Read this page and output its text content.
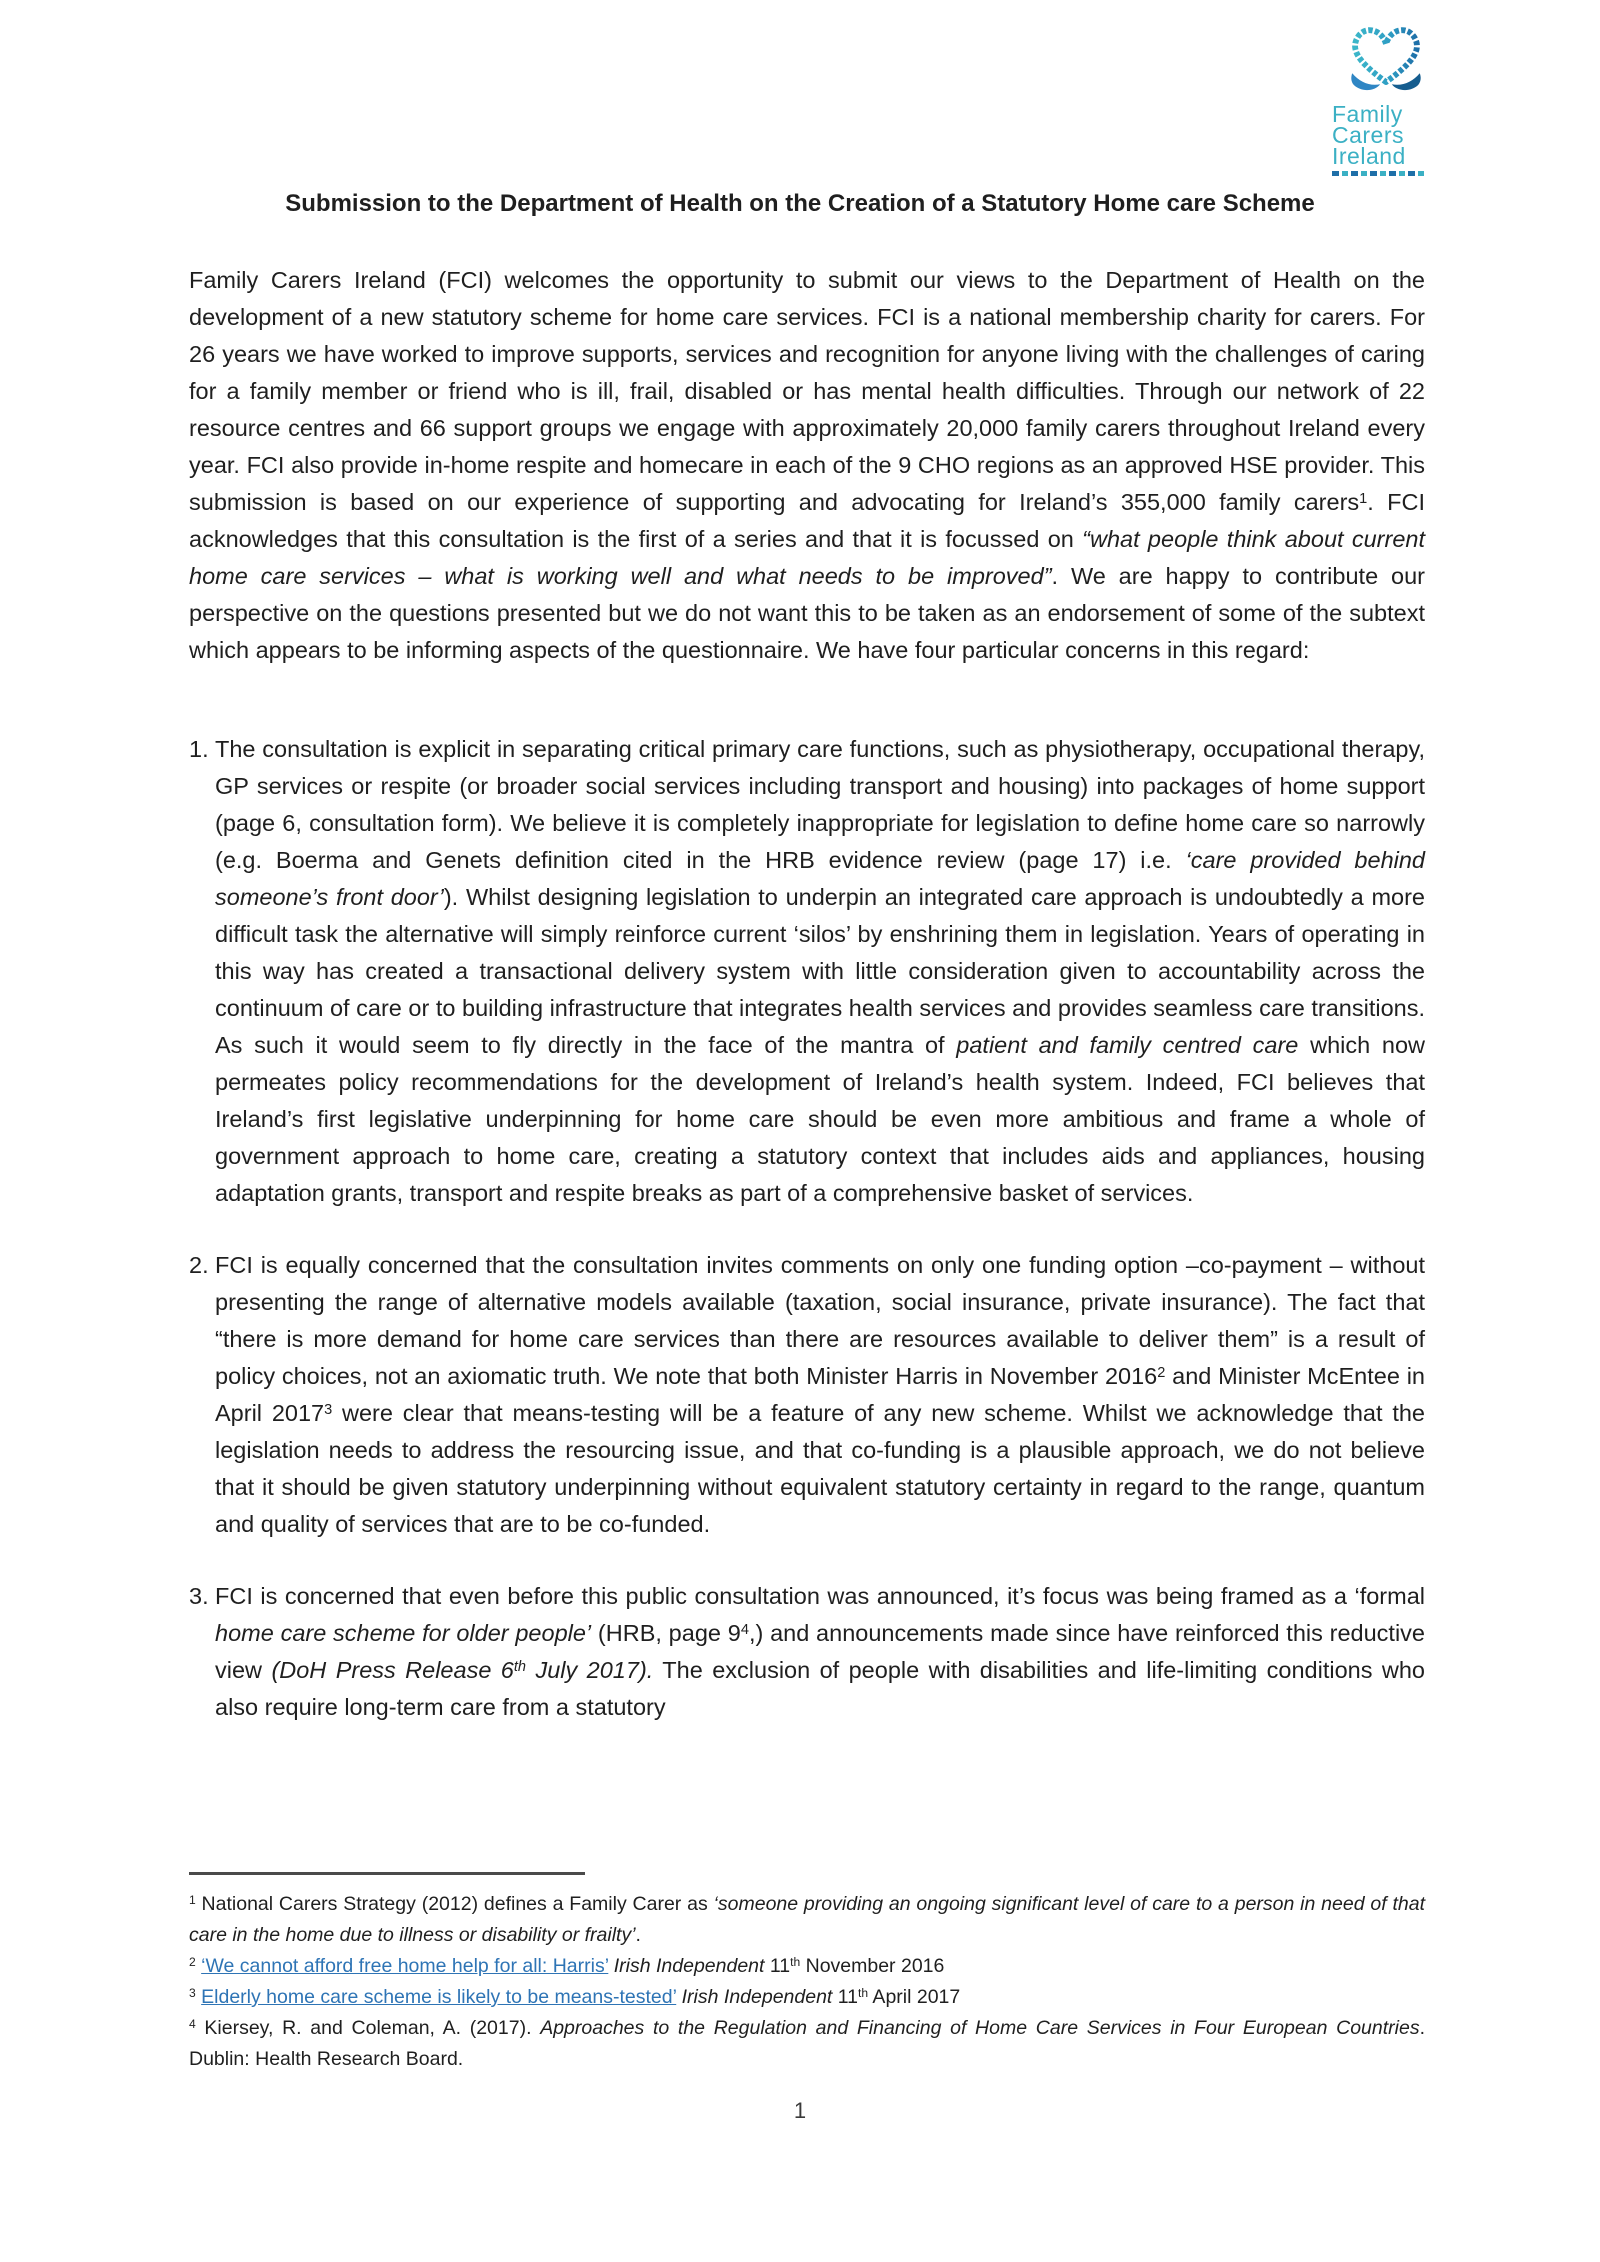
Family
Carers
Ireland
Submission to the Department of Health on the Creation of a Statutory Home care Scheme

Family Carers Ireland (FCI) welcomes the opportunity to submit our views to the Department of Health on the development of a new statutory scheme for home care services. FCI is a national membership charity for carers. For 26 years we have worked to improve supports, services and recognition for anyone living with the challenges of caring for a family member or friend who is ill, frail, disabled or has mental health difficulties. Through our network of 22 resource centres and 66 support groups we engage with approximately 20,000 family carers throughout Ireland every year. FCI also provide in-home respite and homecare in each of the 9 CHO regions as an approved HSE provider. This submission is based on our experience of supporting and advocating for Ireland’s 355,000 family carers$^1$. FCI acknowledges that this consultation is the first of a series and that it is focussed on “what people think about current home care services – what is working well and what needs to be improved”. We are happy to contribute our perspective on the questions presented but we do not want this to be taken as an endorsement of some of the subtext which appears to be informing aspects of the questionnaire. We have four particular concerns in this regard:

1. The consultation is explicit in separating critical primary care functions, such as physiotherapy, occupational therapy, GP services or respite (or broader social services including transport and housing) into packages of home support (page 6, consultation form). We believe it is completely inappropriate for legislation to define home care so narrowly (e.g. Boerma and Genets definition cited in the HRB evidence review (page 17) i.e. ‘care provided behind someone’s front door’). Whilst designing legislation to underpin an integrated care approach is undoubtedly a more difficult task the alternative will simply reinforce current ‘silos’ by enshrining them in legislation. Years of operating in this way has created a transactional delivery system with little consideration given to accountability across the continuum of care or to building infrastructure that integrates health services and provides seamless care transitions. As such it would seem to fly directly in the face of the mantra of patient and family centred care which now permeates policy recommendations for the development of Ireland’s health system. Indeed, FCI believes that Ireland’s first legislative underpinning for home care should be even more ambitious and frame a whole of government approach to home care, creating a statutory context that includes aids and appliances, housing adaptation grants, transport and respite breaks as part of a comprehensive basket of services.
2. FCI is equally concerned that the consultation invites comments on only one funding option –co-payment – without presenting the range of alternative models available (taxation, social insurance, private insurance). The fact that “there is more demand for home care services than there are resources available to deliver them” is a result of policy choices, not an axiomatic truth. We note that both Minister Harris in November 2016$^2$ and Minister McEntee in April 2017$^3$ were clear that means-testing will be a feature of any new scheme. Whilst we acknowledge that the legislation needs to address the resourcing issue, and that co-funding is a plausible approach, we do not believe that it should be given statutory underpinning without equivalent statutory certainty in regard to the range, quantum and quality of services that are to be co-funded.
3. FCI is concerned that even before this public consultation was announced, it’s focus was being framed as a ‘formal home care scheme for older people’ (HRB, page $9^4$,) and announcements made since have reinforced this reductive view (DoH Press Release 6th July 2017). The exclusion of people with disabilities and life-limiting conditions who also require long-term care from a statutory

$^1$ National Carers Strategy (2012) defines a Family Carer as ‘someone providing an ongoing significant level of care to a person in need of that care in the home due to illness or disability or frailty’.

$^2$ ‘We cannot afford free home help for all: Harris’ Irish Independent 11th November 2016

$^3$ Elderly home care scheme is likely to be means-tested’ Irish Independent 11th April 2017

$^4$ Kiersey, R. and Coleman, A. (2017). Approaches to the Regulation and Financing of Home Care Services in Four European Countries. Dublin: Health Research Board.

1
